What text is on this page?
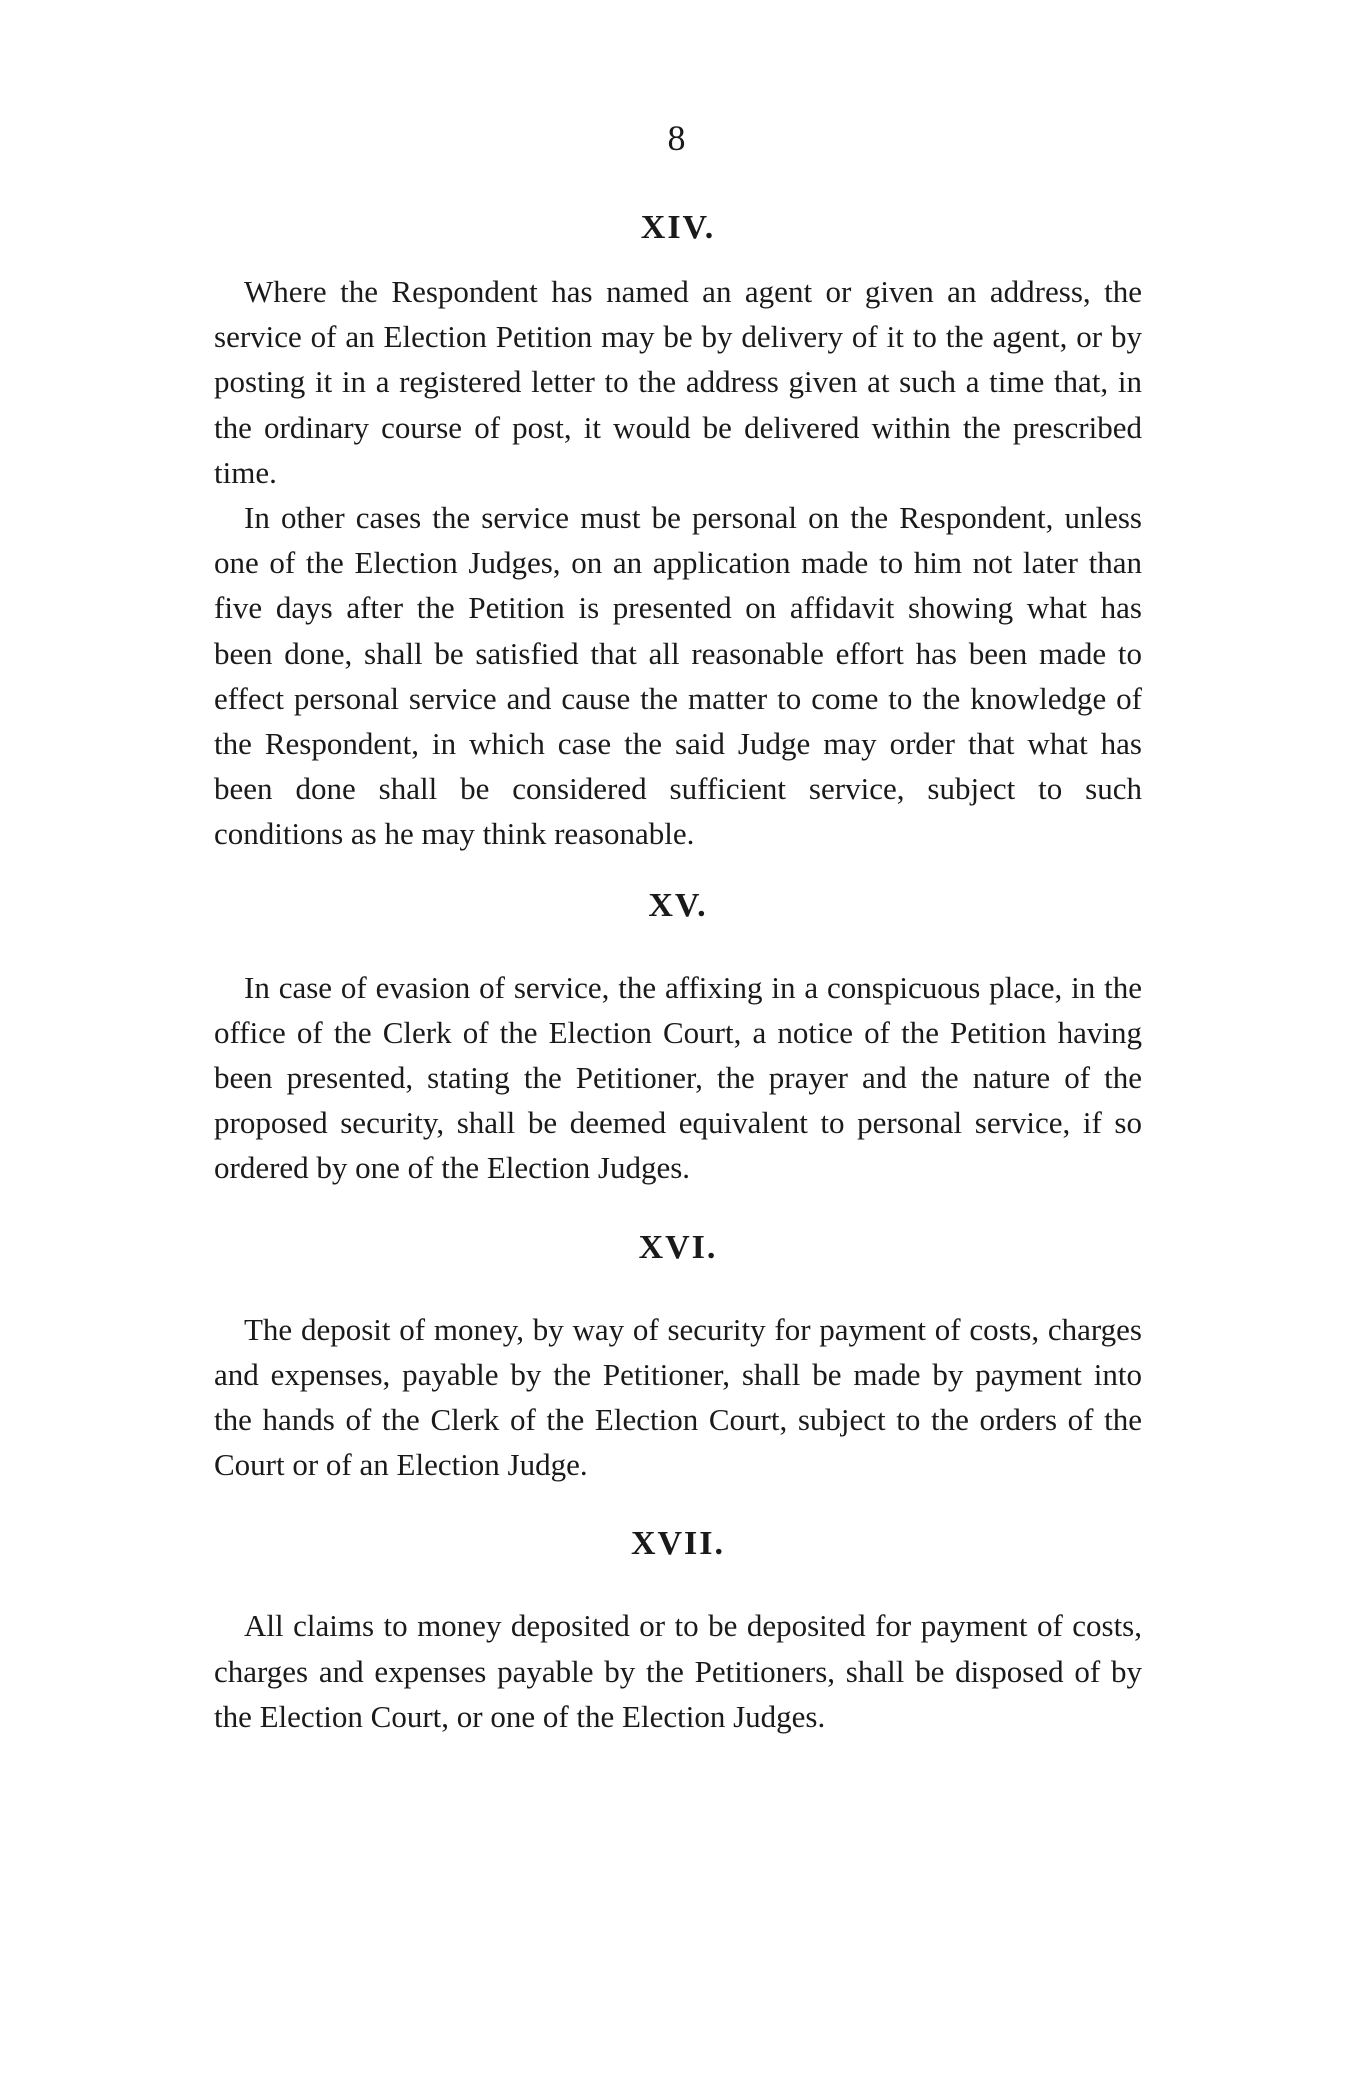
8
XIV.

Where the Respondent has named an agent or given an address, the service of an Election Petition may be by delivery of it to the agent, or by posting it in a registered letter to the address given at such a time that, in the ordinary course of post, it would be delivered within the prescribed time.

In other cases the service must be personal on the Respondent, unless one of the Election Judges, on an application made to him not later than five days after the Petition is presented on affidavit showing what has been done, shall be satisfied that all reasonable effort has been made to effect personal service and cause the matter to come to the knowledge of the Respondent, in which case the said Judge may order that what has been done shall be considered sufficient service, subject to such conditions as he may think reasonable.

XV.

In case of evasion of service, the affixing in a conspicuous place, in the office of the Clerk of the Election Court, a notice of the Petition having been presented, stating the Petitioner, the prayer and the nature of the proposed security, shall be deemed equivalent to personal service, if so ordered by one of the Election Judges.

XVI.

The deposit of money, by way of security for payment of costs, charges and expenses, payable by the Petitioner, shall be made by payment into the hands of the Clerk of the Election Court, subject to the orders of the Court or of an Election Judge.

XVII.

All claims to money deposited or to be deposited for payment of costs, charges and expenses payable by the Petitioners, shall be disposed of by the Election Court, or one of the Election Judges.
